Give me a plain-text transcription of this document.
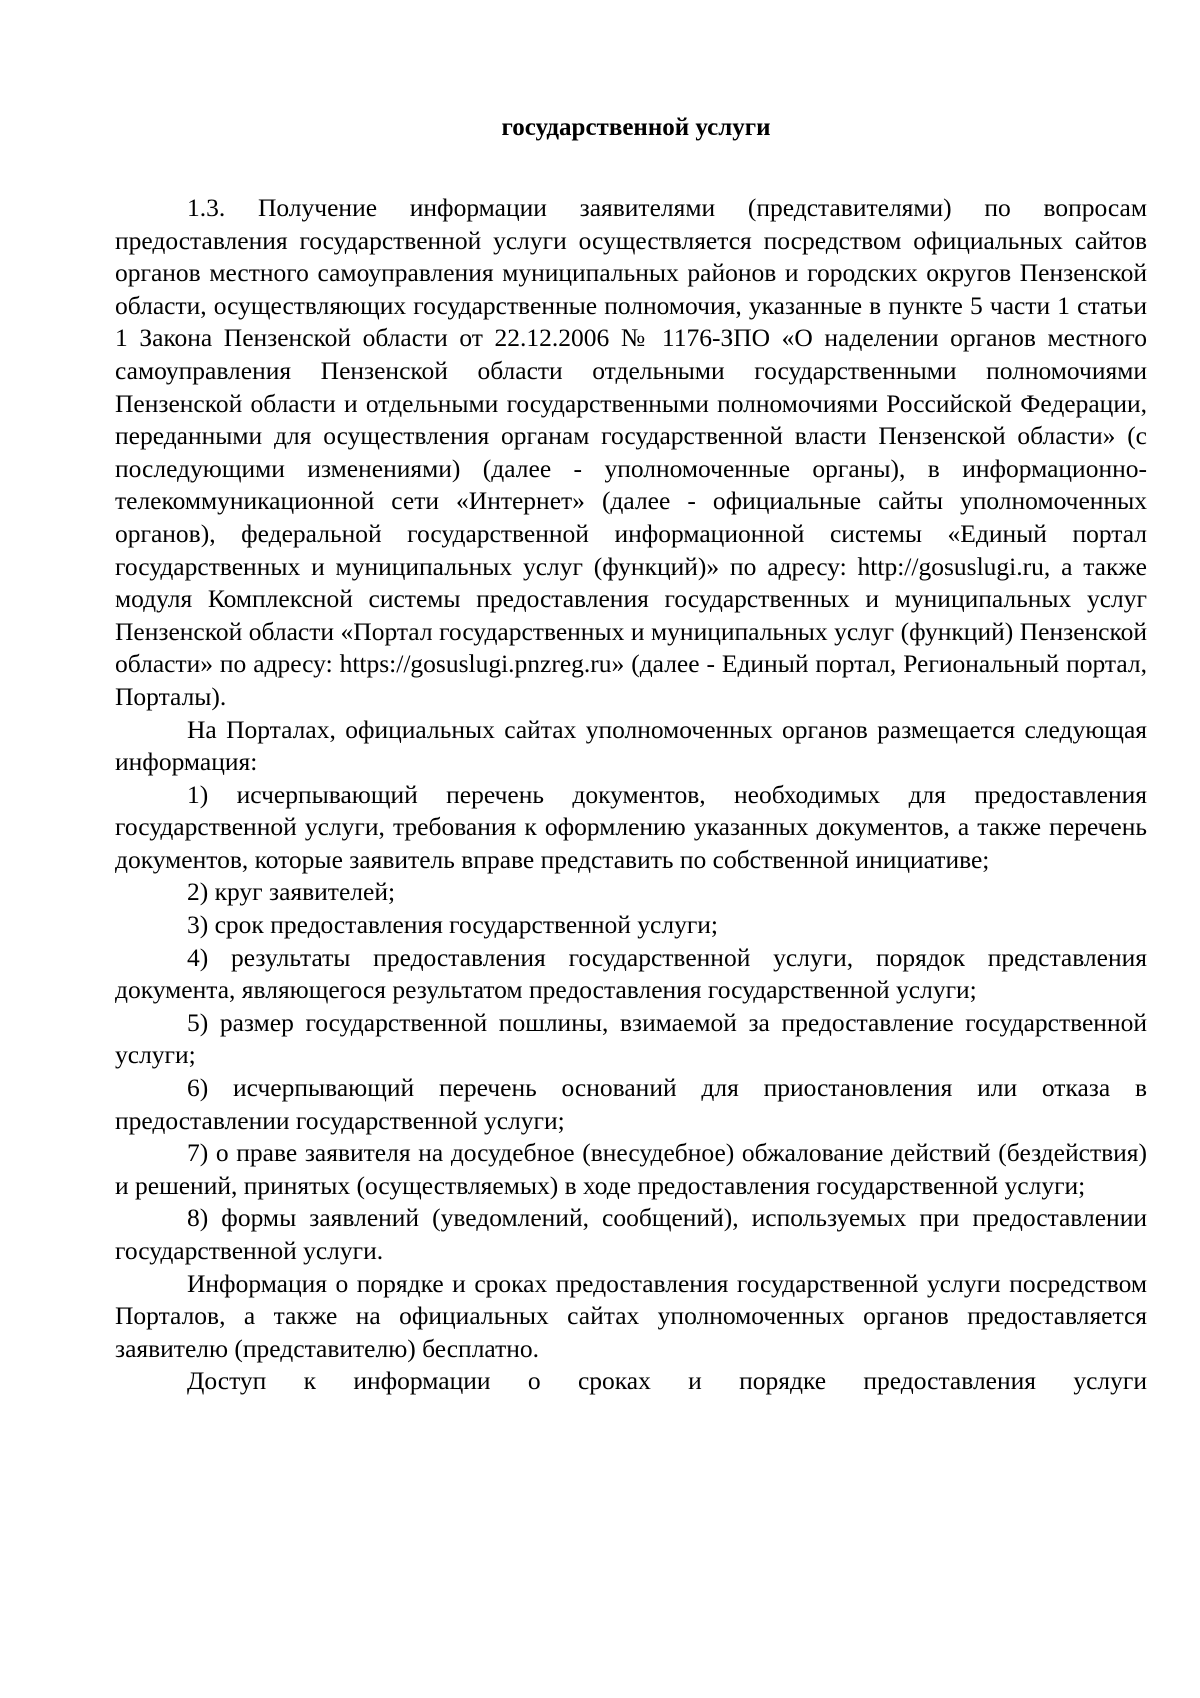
государственной услуги

1.3. Получение информации заявителями (представителями) по вопросам предоставления государственной услуги осуществляется посредством официальных сайтов органов местного самоуправления муниципальных районов и городских округов Пензенской области, осуществляющих государственные полномочия, указанные в пункте 5 части 1 статьи 1 Закона Пензенской области от 22.12.2006 № 1176-ЗПО «О наделении органов местного самоуправления Пензенской области отдельными государственными полномочиями Пензенской области и отдельными государственными полномочиями Российской Федерации, переданными для осуществления органам государственной власти Пензенской области» (с последующими изменениями) (далее - уполномоченные органы), в информационно-телекоммуникационной сети «Интернет» (далее - официальные сайты уполномоченных органов), федеральной государственной информационной системы «Единый портал государственных и муниципальных услуг (функций)» по адресу: http://gosuslugi.ru, а также модуля Комплексной системы предоставления государственных и муниципальных услуг Пензенской области «Портал государственных и муниципальных услуг (функций) Пензенской области» по адресу: https://gosuslugi.pnzreg.ru» (далее - Единый портал, Региональный портал, Порталы).

На Порталах, официальных сайтах уполномоченных органов размещается следующая информация:

1) исчерпывающий перечень документов, необходимых для предоставления государственной услуги, требования к оформлению указанных документов, а также перечень документов, которые заявитель вправе представить по собственной инициативе;

2) круг заявителей;

3) срок предоставления государственной услуги;

4) результаты предоставления государственной услуги, порядок представления документа, являющегося результатом предоставления государственной услуги;

5) размер государственной пошлины, взимаемой за предоставление государственной услуги;

6) исчерпывающий перечень оснований для приостановления или отказа в предоставлении государственной услуги;

7) о праве заявителя на досудебное (внесудебное) обжалование действий (бездействия) и решений, принятых (осуществляемых) в ходе предоставления государственной услуги;

8) формы заявлений (уведомлений, сообщений), используемых при предоставлении государственной услуги.

Информация о порядке и сроках предоставления государственной услуги посредством Порталов, а также на официальных сайтах уполномоченных органов предоставляется заявителю (представителю) бесплатно.

Доступ к информации о сроках и порядке предоставления услуги
